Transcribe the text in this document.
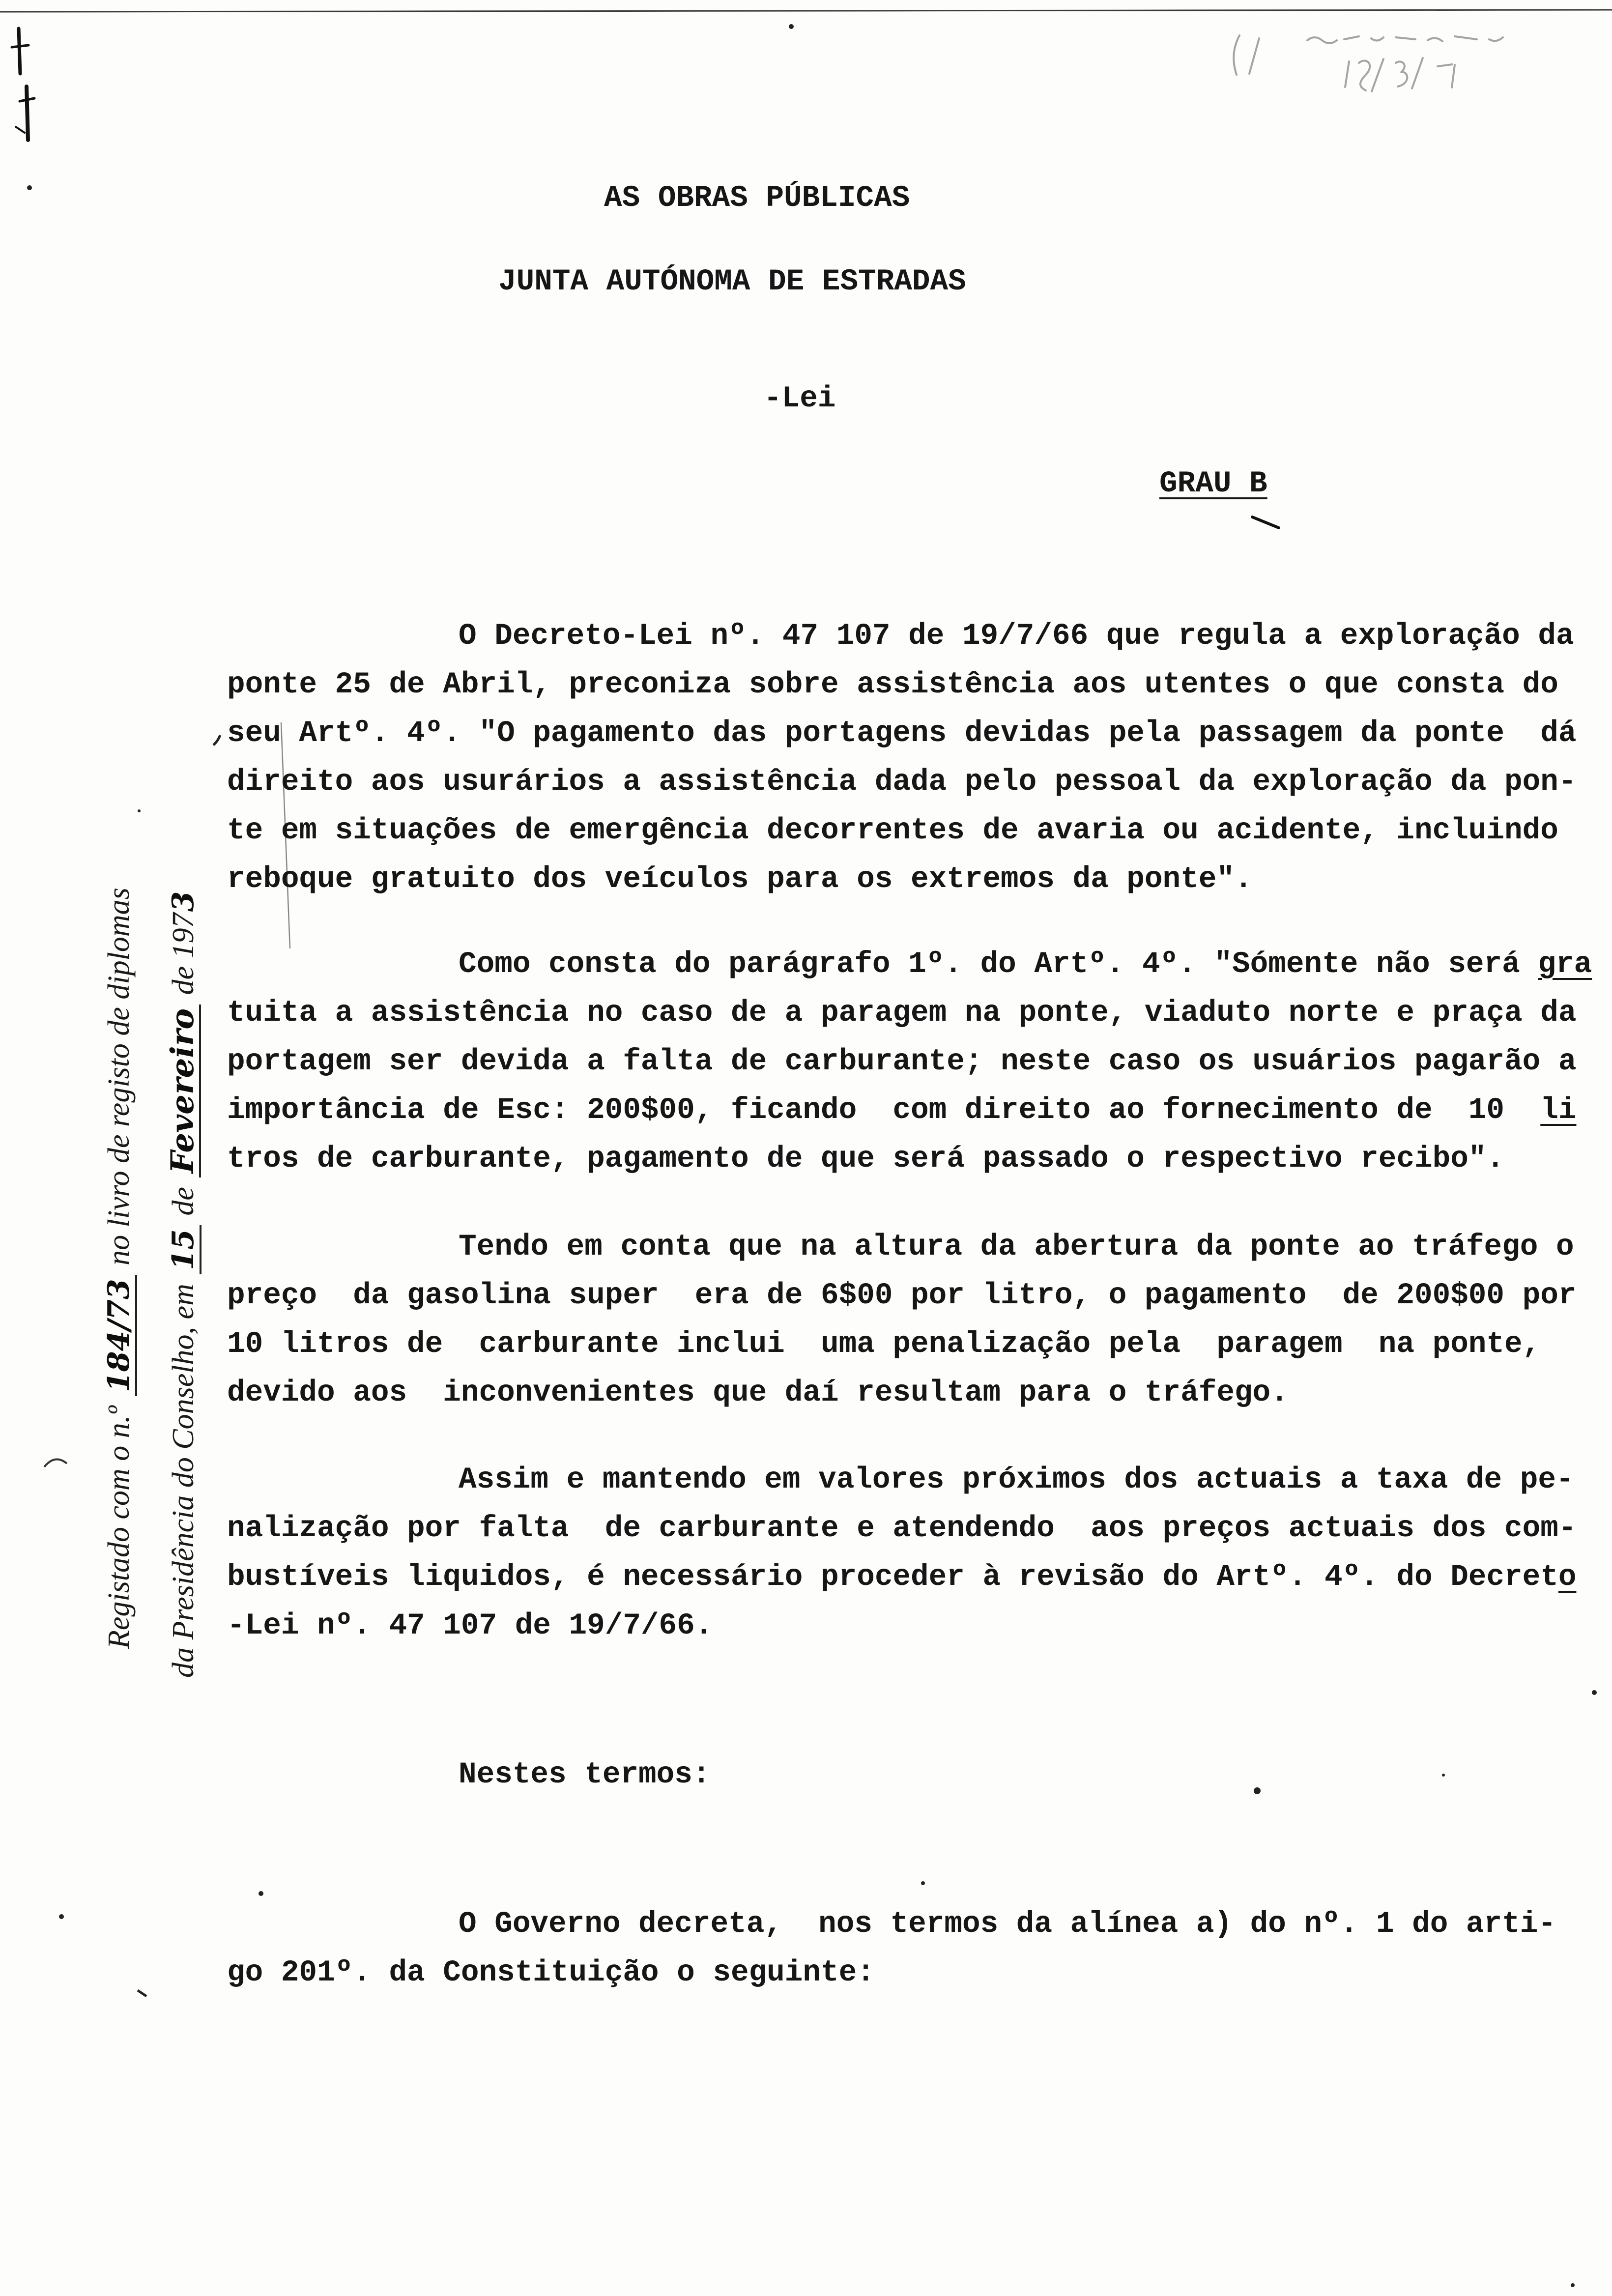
AS OBRAS PÚBLICAS
JUNTA AUTÓNOMA DE ESTRADAS
-Lei
GRAU B
O Decreto-Lei nº. 47 107 de 19/7/66 que regula a exploração da
ponte 25 de Abril, preconiza sobre assistência aos utentes o que consta do
seu Artº. 4º. "O pagamento das portagens devidas pela passagem da ponte  dá
direito aos usurários a assistência dada pelo pessoal da exploração da pon-
te em situações de emergência decorrentes de avaria ou acidente, incluindo
reboque gratuito dos veículos para os extremos da ponte".
Como consta do parágrafo 1º. do Artº. 4º. "Sómente não será gra
tuita a assistência no caso de a paragem na ponte, viaduto norte e praça da
portagem ser devida a falta de carburante; neste caso os usuários pagarão a
importância de Esc: 200$00, ficando  com direito ao fornecimento de  10  li
tros de carburante, pagamento de que será passado o respectivo recibo".
Tendo em conta que na altura da abertura da ponte ao tráfego o
preço  da gasolina super  era de 6$00 por litro, o pagamento  de 200$00 por
10 litros de  carburante inclui  uma penalização pela  paragem  na ponte,
devido aos  inconvenientes que daí resultam para o tráfego.
Assim e mantendo em valores próximos dos actuais a taxa de pe-
nalização por falta  de carburante e atendendo  aos preços actuais dos com-
bustíveis liquidos, é necessário proceder à revisão do Artº. 4º. do Decreto
-Lei nº. 47 107 de 19/7/66.
Nestes termos:
O Governo decreta,  nos termos da alínea a) do nº. 1 do arti-
go 201º. da Constituição o seguinte:
Registado com o n.º 184/73 no livro de registo de diplomas
da Presidência do Conselho, em 15 de Fevereiro de 1973
